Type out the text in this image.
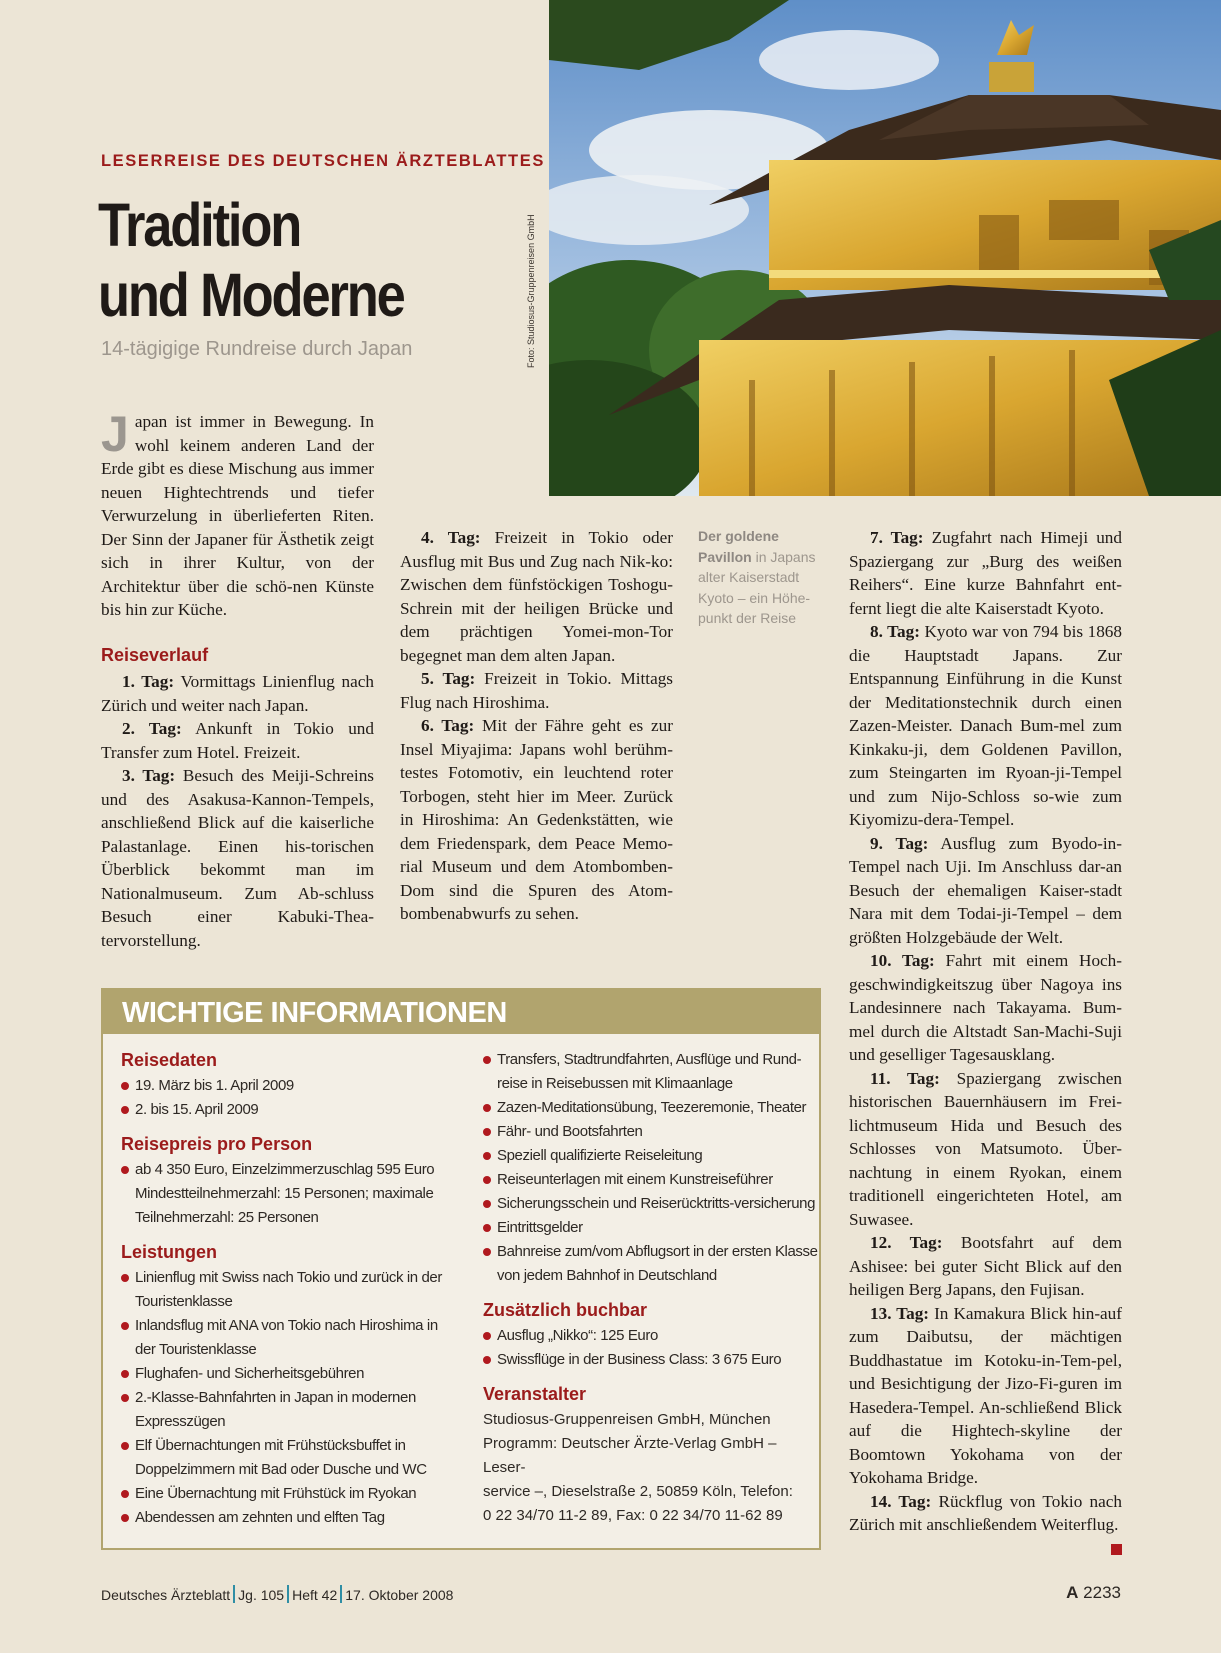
Foto: Studiosus-Gruppenreisen GmbH
LESERREISE DES DEUTSCHEN ÄRZTEBLATTES
Tradition
und Moderne
14-tägigige Rundreise durch Japan

Japan ist immer in Bewegung. In wohl keinem anderen Land der Erde gibt es diese Mischung aus immer neuen Hightechtrends und tiefer Verwurzelung in überlieferten Riten. Der Sinn der Japaner für Ästhetik zeigt sich in ihrer Kultur, von der Architektur über die schö-nen Künste bis hin zur Küche.

Reiseverlauf

1. Tag: Vormittags Linienflug nach Zürich und weiter nach Japan.

2. Tag: Ankunft in Tokio und Transfer zum Hotel. Freizeit.

3. Tag: Besuch des Meiji-Schreins und des Asakusa-Kannon-Tempels, anschließend Blick auf die kaiserliche Palastanlage. Einen his-torischen Überblick bekommt man im Nationalmuseum. Zum Ab-schluss Besuch einer Kabuki-Thea-tervorstellung.

4. Tag: Freizeit in Tokio oder Ausflug mit Bus und Zug nach Nik-ko: Zwischen dem fünfstöckigen Toshogu-Schrein mit der heiligen Brücke und dem prächtigen Yomei-mon-Tor begegnet man dem alten Japan.

5. Tag: Freizeit in Tokio. Mittags Flug nach Hiroshima.

6. Tag: Mit der Fähre geht es zur Insel Miyajima: Japans wohl berühm-testes Fotomotiv, ein leuchtend roter Torbogen, steht hier im Meer. Zurück in Hiroshima: An Gedenkstätten, wie dem Friedenspark, dem Peace Memo-rial Museum und dem Atombomben-Dom sind die Spuren des Atom-bombenabwurfs zu sehen.

Der goldene Pavillon in Japans alter Kaiserstadt Kyoto – ein Höhe-punkt der Reise

7. Tag: Zugfahrt nach Himeji und Spaziergang zur „Burg des weißen Reihers“. Eine kurze Bahnfahrt ent-fernt liegt die alte Kaiserstadt Kyoto.

8. Tag: Kyoto war von 794 bis 1868 die Hauptstadt Japans. Zur Entspannung Einführung in die Kunst der Meditationstechnik durch einen Zazen-Meister. Danach Bum-mel zum Kinkaku-ji, dem Goldenen Pavillon, zum Steingarten im Ryoan-ji-Tempel und zum Nijo-Schloss so-wie zum Kiyomizu-dera-Tempel.

9. Tag: Ausflug zum Byodo-in-Tempel nach Uji. Im Anschluss dar-an Besuch der ehemaligen Kaiser-stadt Nara mit dem Todai-ji-Tempel – dem größten Holzgebäude der Welt.

10. Tag: Fahrt mit einem Hoch-geschwindigkeitszug über Nagoya ins Landesinnere nach Takayama. Bum-mel durch die Altstadt San-Machi-Suji und geselliger Tagesausklang.

11. Tag: Spaziergang zwischen historischen Bauernhäusern im Frei-lichtmuseum Hida und Besuch des Schlosses von Matsumoto. Über-nachtung in einem Ryokan, einem traditionell eingerichteten Hotel, am Suwasee.

12. Tag: Bootsfahrt auf dem Ashisee: bei guter Sicht Blick auf den heiligen Berg Japans, den Fujisan.

13. Tag: In Kamakura Blick hin-auf zum Daibutsu, der mächtigen Buddhastatue im Kotoku-in-Tem-pel, und Besichtigung der Jizo-Fi-guren im Hasedera-Tempel. An-schließend Blick auf die Hightech-skyline der Boomtown Yokohama von der Yokohama Bridge.

14. Tag: Rückflug von Tokio nach Zürich mit anschließendem Weiterflug.

WICHTIGE INFORMATIONEN
Reisedaten
19. März bis 1. April 2009
2. bis 15. April 2009
Reisepreis pro Person
ab 4 350 Euro, Einzelzimmerzuschlag 595 Euro Mindestteilnehmerzahl: 15 Personen; maximale Teilnehmerzahl: 25 Personen
Leistungen
Linienflug mit Swiss nach Tokio und zurück in der Touristenklasse
Inlandsflug mit ANA von Tokio nach Hiroshima in der Touristenklasse
Flughafen- und Sicherheitsgebühren
2.-Klasse-Bahnfahrten in Japan in modernen Expresszügen
Elf Übernachtungen mit Frühstücksbuffet in Doppelzimmern mit Bad oder Dusche und WC
Eine Übernachtung mit Frühstück im Ryokan
Abendessen am zehnten und elften Tag
Transfers, Stadtrundfahrten, Ausflüge und Rund-reise in Reisebussen mit Klimaanlage
Zazen-Meditationsübung, Teezeremonie, Theater
Fähr- und Bootsfahrten
Speziell qualifizierte Reiseleitung
Reiseunterlagen mit einem Kunstreiseführer
Sicherungsschein und Reiserücktritts-versicherung
Eintrittsgelder
Bahnreise zum/vom Abflugsort in der ersten Klasse von jedem Bahnhof in Deutschland
Zusätzlich buchbar
Ausflug „Nikko“: 125 Euro
Swissflüge in der Business Class: 3 675 Euro
Veranstalter

Studiosus-Gruppenreisen GmbH, München

Programm: Deutscher Ärzte-Verlag GmbH – Leser-

service –, Dieselstraße 2, 50859 Köln, Telefon:

0 22 34/70 11-2 89, Fax: 0 22 34/70 11-62 89

Deutsches Ärzteblatt Jg. 105 Heft 42 17. Oktober 2008	A 2233
